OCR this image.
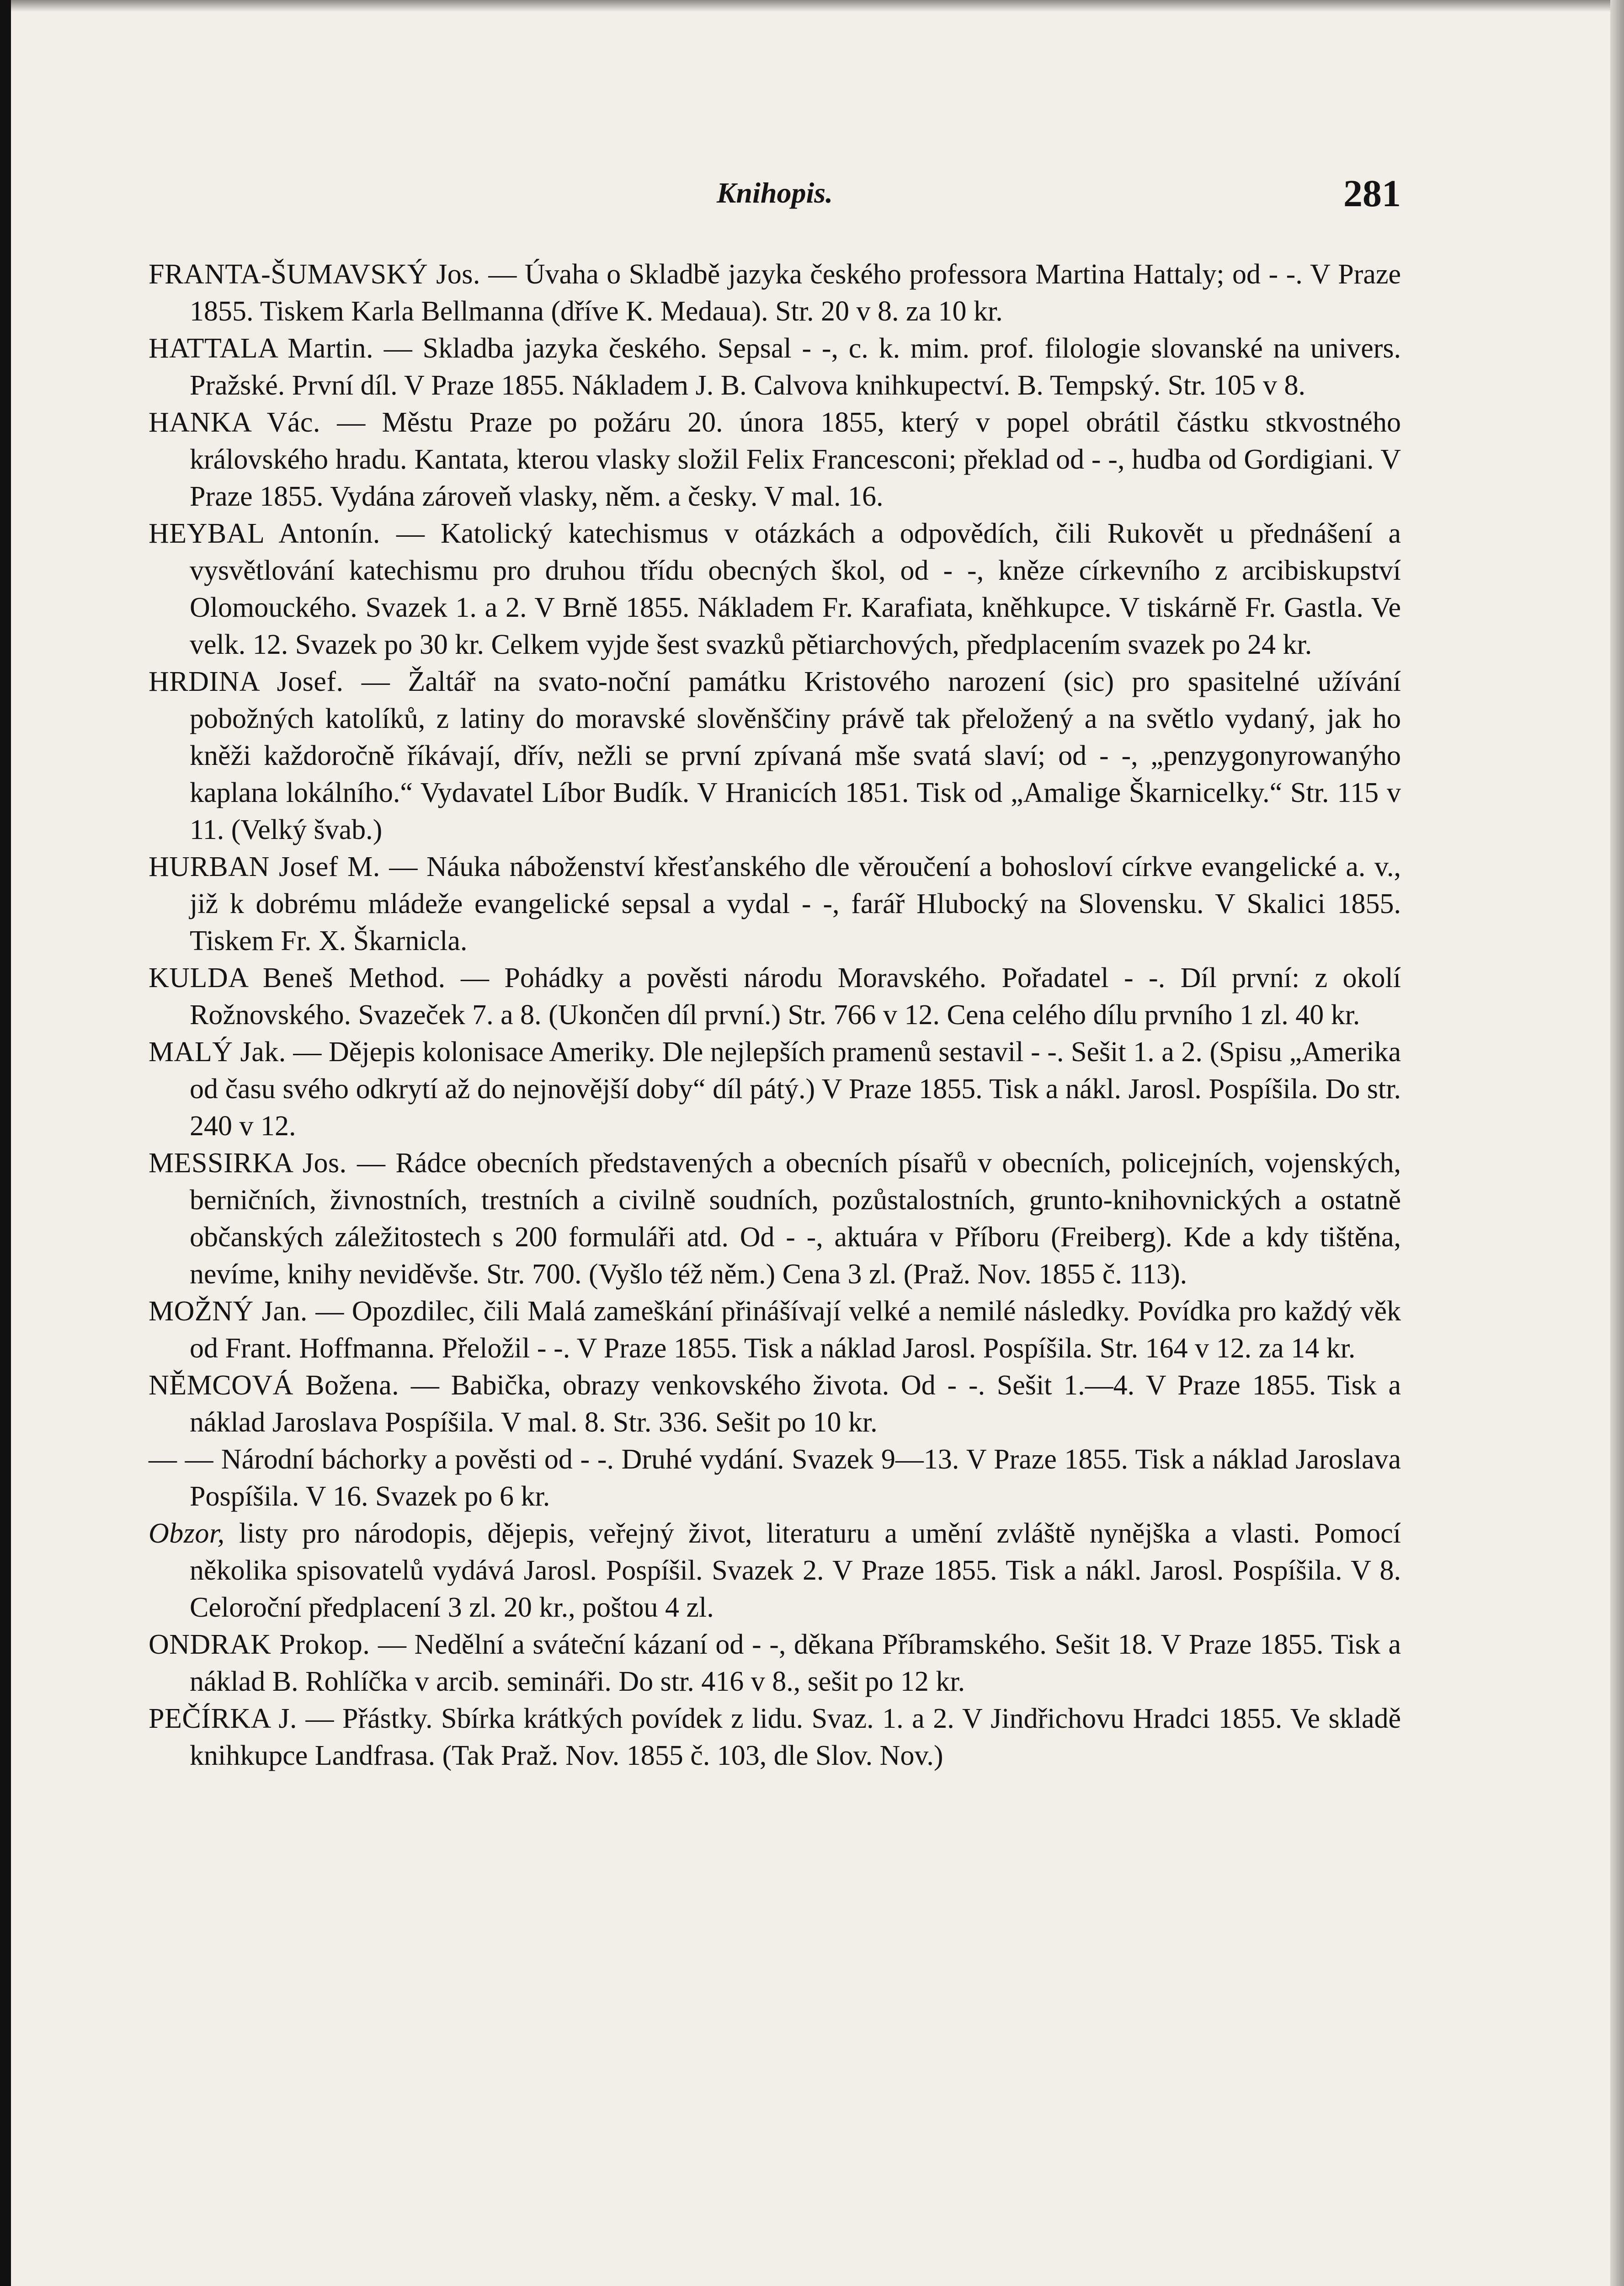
Knihopis.	281

FRANTA-ŠUMAVSKÝ Jos. — Úvaha o Skladbě jazyka českého professora Martina Hattaly; od - -. V Praze 1855. Tiskem Karla Bellmanna (dříve K. Medaua). Str. 20 v 8. za 10 kr.

HATTALA Martin. — Skladba jazyka českého. Sepsal - -, c. k. mim. prof. filologie slovanské na univers. Pražské. První díl. V Praze 1855. Nákladem J. B. Calvova knihkupectví. B. Tempský. Str. 105 v 8.

HANKA Vác. — Městu Praze po požáru 20. února 1855, který v popel obrátil částku stkvostného královského hradu. Kantata, kterou vlasky složil Felix Francesconi; překlad od - -, hudba od Gordigiani. V Praze 1855. Vydána zároveň vlasky, něm. a česky. V mal. 16.

HEYBAL Antonín. — Katolický katechismus v otázkách a odpovědích, čili Rukovět u přednášení a vysvětlování katechismu pro druhou třídu obecných škol, od - -, kněze církevního z arcibiskupství Olomouckého. Svazek 1. a 2. V Brně 1855. Nákladem Fr. Karafiata, kněhkupce. V tiskárně Fr. Gastla. Ve velk. 12. Svazek po 30 kr. Celkem vyjde šest svazků pětiarchových, předplacením svazek po 24 kr.

HRDINA Josef. — Žaltář na svato-noční památku Kristového narození (sic) pro spasitelné užívání pobožných katolíků, z latiny do moravské slověnščiny právě tak přeložený a na světlo vydaný, jak ho kněži každoročně říkávají, dřív, nežli se první zpívaná mše svatá slaví; od - -, „penzygonyrowanýho kaplana lokálního.“ Vydavatel Líbor Budík. V Hranicích 1851. Tisk od „Amalige Škarnicelky.“ Str. 115 v 11. (Velký švab.)

HURBAN Josef M. — Náuka náboženství křesťanského dle věroučení a bohosloví církve evangelické a. v., již k dobrému mládeže evangelické sepsal a vydal - -, farář Hlubocký na Slovensku. V Skalici 1855. Tiskem Fr. X. Škarnicla.

KULDA Beneš Method. — Pohádky a pověsti národu Moravského. Pořadatel - -. Díl první: z okolí Rožnovského. Svazeček 7. a 8. (Ukončen díl první.) Str. 766 v 12. Cena celého dílu prvního 1 zl. 40 kr.

MALÝ Jak. — Dějepis kolonisace Ameriky. Dle nejlepších pramenů sestavil - -. Sešit 1. a 2. (Spisu „Amerika od času svého odkrytí až do nejnovější doby“ díl pátý.) V Praze 1855. Tisk a nákl. Jarosl. Pospíšila. Do str. 240 v 12.

MESSIRKA Jos. — Rádce obecních představených a obecních písařů v obecních, policejních, vojenských, berničních, živnostních, trestních a civilně soudních, pozůstalostních, grunto-knihovnických a ostatně občanských záležitostech s 200 formuláři atd. Od - -, aktuára v Příboru (Freiberg). Kde a kdy tištěna, nevíme, knihy neviděvše. Str. 700. (Vyšlo též něm.) Cena 3 zl. (Praž. Nov. 1855 č. 113).

MOŽNÝ Jan. — Opozdilec, čili Malá zameškání přinášívají velké a nemilé následky. Povídka pro každý věk od Frant. Hoffmanna. Přeložil - -. V Praze 1855. Tisk a náklad Jarosl. Pospíšila. Str. 164 v 12. za 14 kr.

NĚMCOVÁ Božena. — Babička, obrazy venkovského života. Od - -. Sešit 1.—4. V Praze 1855. Tisk a náklad Jaroslava Pospíšila. V mal. 8. Str. 336. Sešit po 10 kr.

— — Národní báchorky a pověsti od - -. Druhé vydání. Svazek 9—13. V Praze 1855. Tisk a náklad Jaroslava Pospíšila. V 16. Svazek po 6 kr.

Obzor, listy pro národopis, dějepis, veřejný život, literaturu a umění zvláště nynějška a vlasti. Pomocí několika spisovatelů vydává Jarosl. Pospíšil. Svazek 2. V Praze 1855. Tisk a nákl. Jarosl. Pospíšila. V 8. Celoroční předplacení 3 zl. 20 kr., poštou 4 zl.

ONDRAK Prokop. — Nedělní a sváteční kázaní od - -, děkana Příbramského. Sešit 18. V Praze 1855. Tisk a náklad B. Rohlíčka v arcib. semináři. Do str. 416 v 8., sešit po 12 kr.

PEČÍRKA J. — Přástky. Sbírka krátkých povídek z lidu. Svaz. 1. a 2. V Jindřichovu Hradci 1855. Ve skladě knihkupce Landfrasa. (Tak Praž. Nov. 1855 č. 103, dle Slov. Nov.)
